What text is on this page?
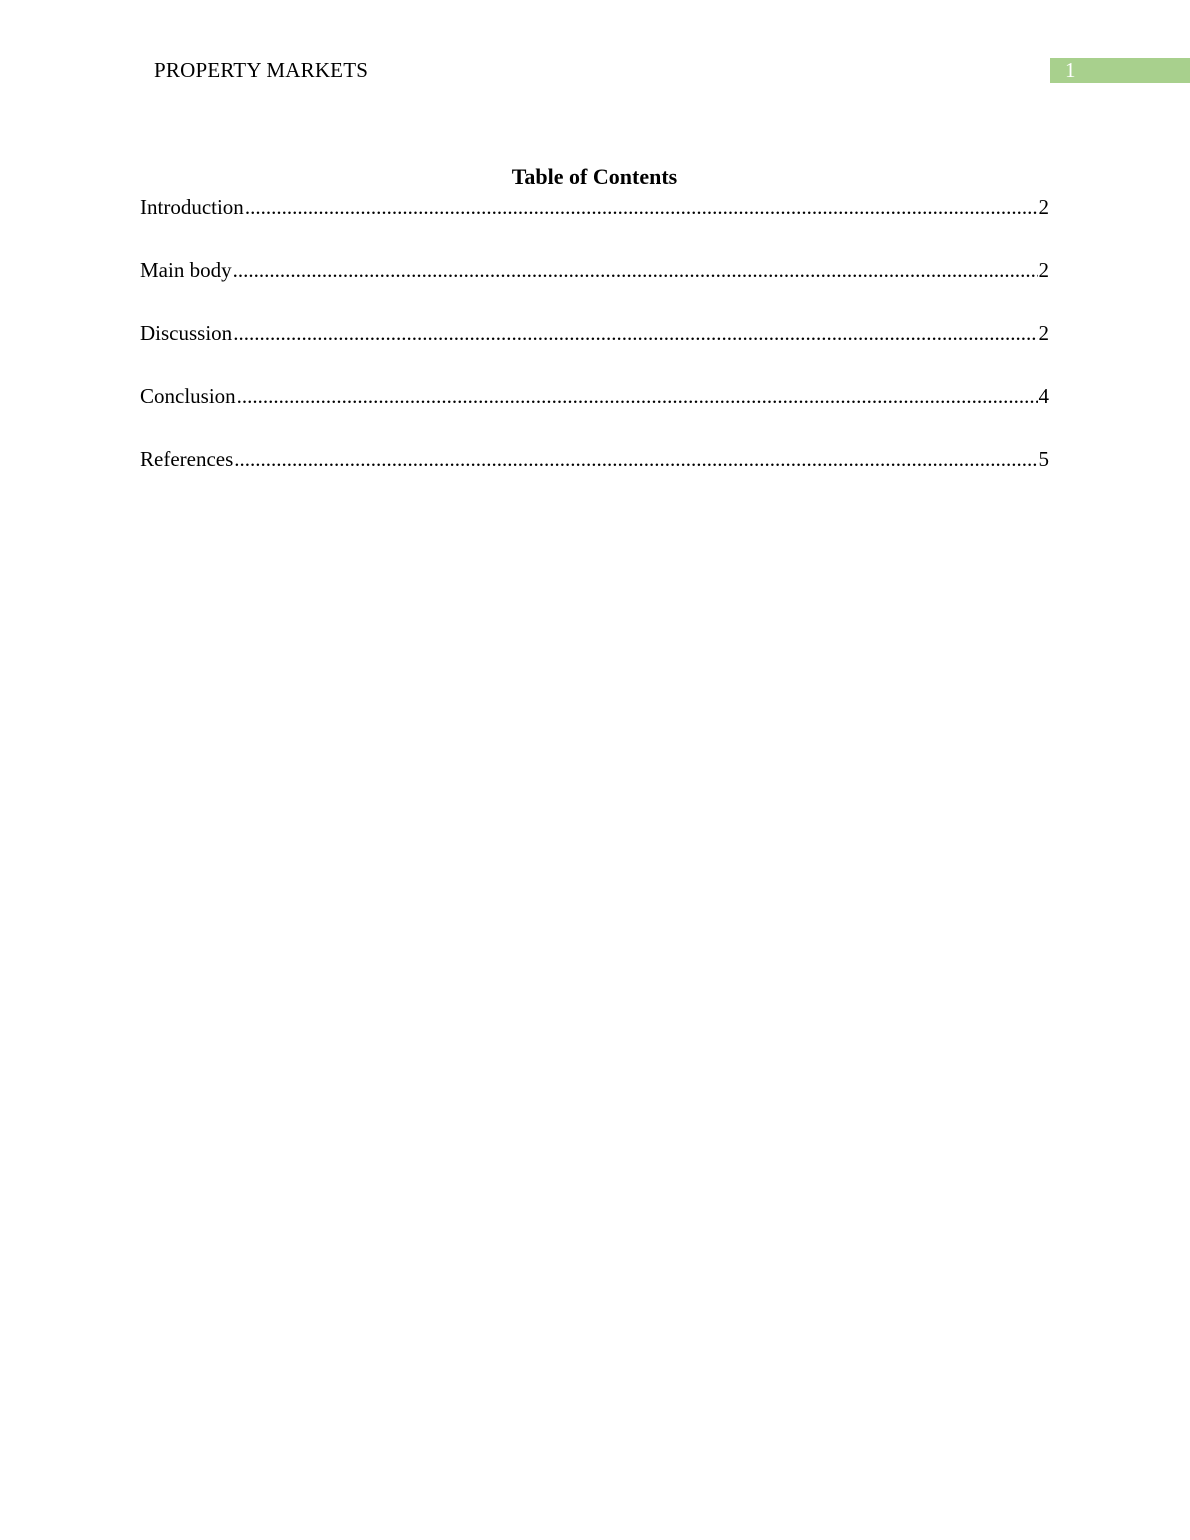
PROPERTY MARKETS	1
Table of Contents
Introduction .....	2
Main body .....	2
Discussion .....	2
Conclusion .....	4
References .....	5
